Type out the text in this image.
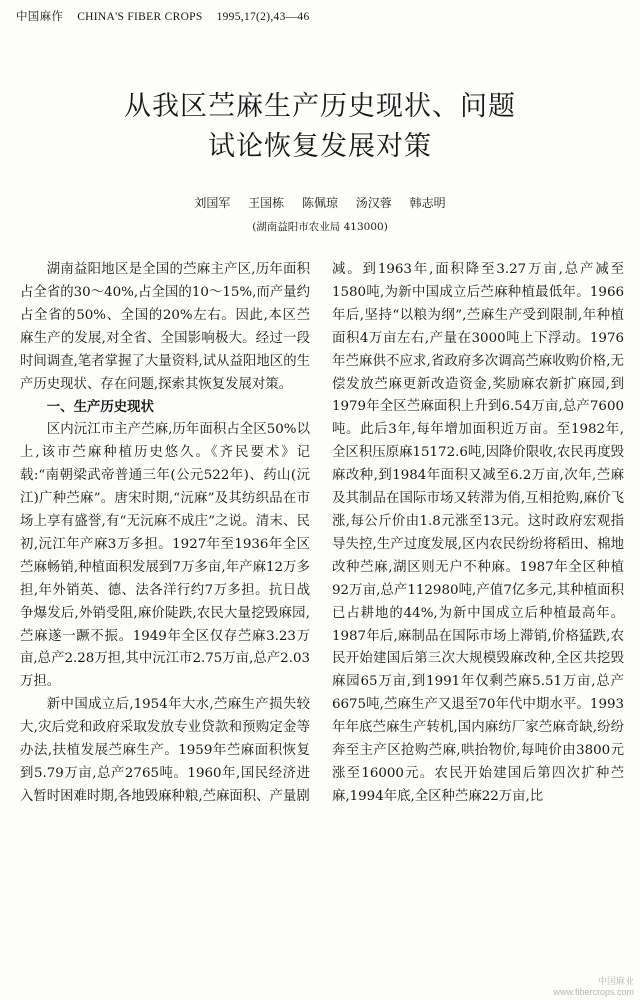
中国麻作 CHINA'S FIBER CROPS 1995,17(2),43—46
从我区苎麻生产历史现状、问题
试论恢复发展对策
刘国军 王国栋 陈佩琼 汤汉蓉 韩志明
(湖南益阳市农业局 413000)

湖南益阳地区是全国的苎麻主产区,历年面积占全省的30～40%,占全国的10～15%,而产量约占全省的50%、全国的20%左右。因此,本区苎麻生产的发展,对全省、全国影响极大。经过一段时间调查,笔者掌握了大量资料,试从益阳地区的生产历史现状、存在问题,探索其恢复发展对策。

一、生产历史现状

区内沅江市主产苎麻,历年面积占全区50%以上,该市苎麻种植历史悠久。《齐民要术》记载:“南朝梁武帝普通三年(公元522年)、药山(沅江)广种苎麻”。唐宋时期,“沅麻”及其纺织品在市场上享有盛誉,有“无沅麻不成庄”之说。清末、民初,沅江年产麻3万多担。1927年至1936年全区苎麻畅销,种植面积发展到7万多亩,年产麻12万多担,年外销英、德、法各洋行约7万多担。抗日战争爆发后,外销受阻,麻价陡跌,农民大量挖毁麻园,苎麻遂一蹶不振。1949年全区仅存苎麻3.23万亩,总产2.28万担,其中沅江市2.75万亩,总产2.03万担。

新中国成立后,1954年大水,苎麻生产损失较大,灾后党和政府采取发放专业贷款和预购定金等办法,扶植发展苎麻生产。1959年苎麻面积恢复到5.79万亩,总产2765吨。1960年,国民经济进入暂时困难时期,各地毁麻种粮,苎麻面积、产量剧

减。到1963年,面积降至3.27万亩,总产减至1580吨,为新中国成立后苎麻种植最低年。1966年后,坚持“以粮为纲”,苎麻生产受到限制,年种植面积4万亩左右,产量在3000吨上下浮动。1976年苎麻供不应求,省政府多次调高苎麻收购价格,无偿发放苎麻更新改造资金,奖励麻农新扩麻园,到1979年全区苎麻面积上升到6.54万亩,总产7600吨。此后3年,每年增加面积近万亩。至1982年,全区积压原麻15172.6吨,因降价限收,农民再度毁麻改种,到1984年面积又减至6.2万亩,次年,苎麻及其制品在国际市场又转滞为俏,互相抢购,麻价飞涨,每公斤价由1.8元涨至13元。这时政府宏观指导失控,生产过度发展,区内农民纷纷将稻田、棉地改种苎麻,湖区则无户不种麻。1987年全区种植92万亩,总产112980吨,产值7亿多元,其种植面积已占耕地的44%,为新中国成立后种植最高年。1987年后,麻制品在国际市场上滞销,价格猛跌,农民开始建国后第三次大规模毁麻改种,全区共挖毁麻园65万亩,到1991年仅剩苎麻5.51万亩,总产6675吨,苎麻生产又退至70年代中期水平。1993年年底苎麻生产转机,国内麻纺厂家苎麻奇缺,纷纷奔至主产区抢购苎麻,哄抬物价,每吨价由3800元涨至16000元。农民开始建国后第四次扩种苎麻,1994年底,全区种苎麻22万亩,比

中国麻业
www.fibercrops.com
